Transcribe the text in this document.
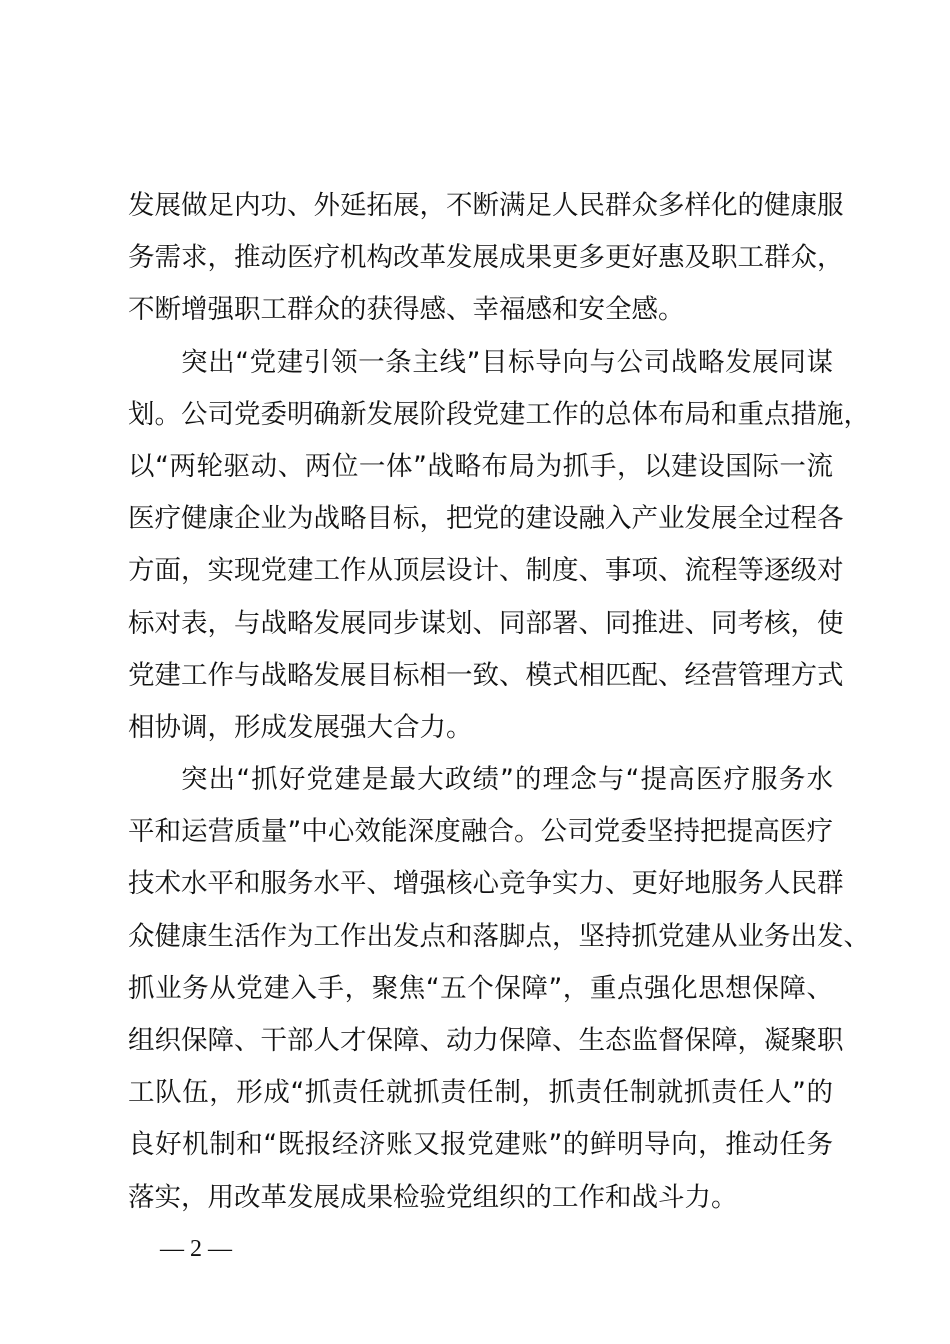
发展做足内功、外延拓展，不断满足人民群众多样化的健康服
务需求，推动医疗机构改革发展成果更多更好惠及职工群众，
不断增强职工群众的获得感、幸福感和安全感。
突出“党建引领一条主线”目标导向与公司战略发展同谋
划。公司党委明确新发展阶段党建工作的总体布局和重点措施，
以“两轮驱动、两位一体”战略布局为抓手，以建设国际一流
医疗健康企业为战略目标，把党的建设融入产业发展全过程各
方面，实现党建工作从顶层设计、制度、事项、流程等逐级对
标对表，与战略发展同步谋划、同部署、同推进、同考核，使
党建工作与战略发展目标相一致、模式相匹配、经营管理方式
相协调，形成发展强大合力。
突出“抓好党建是最大政绩”的理念与“提高医疗服务水
平和运营质量”中心效能深度融合。公司党委坚持把提高医疗
技术水平和服务水平、增强核心竞争实力、更好地服务人民群
众健康生活作为工作出发点和落脚点，坚持抓党建从业务出发、
抓业务从党建入手，聚焦“五个保障”，重点强化思想保障、
组织保障、干部人才保障、动力保障、生态监督保障，凝聚职
工队伍，形成“抓责任就抓责任制，抓责任制就抓责任人”的
良好机制和“既报经济账又报党建账”的鲜明导向，推动任务
落实，用改革发展成果检验党组织的工作和战斗力。
— 2 —
